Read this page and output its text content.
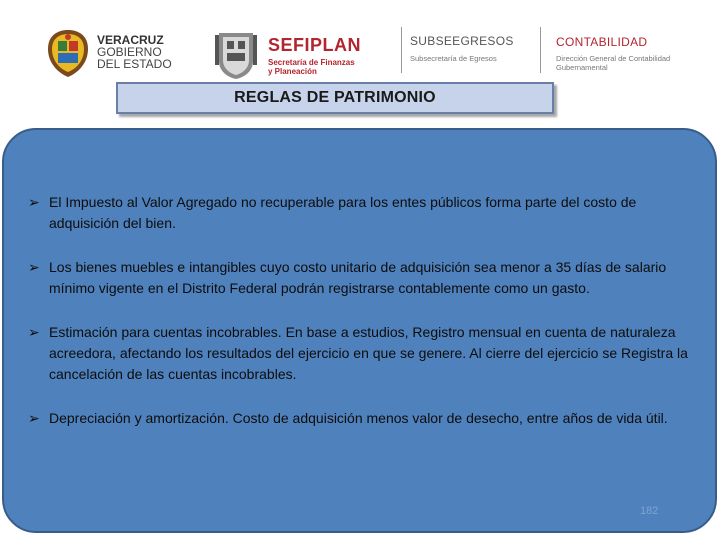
VERACRUZ
GOBIERNO
DEL ESTADO
SEFIPLAN
Secretaría de Finanzas
y Planeación
SUBSEEGRESOS
Subsecretaría de Egresos
CONTABILIDAD
Dirección General de Contabilidad
Gubernamental
REGLAS DE PATRIMONIO
➢ El Impuesto al Valor Agregado no recuperable para los entes públicos forma parte del costo de adquisición del bien.
➢ Los bienes muebles e intangibles cuyo costo unitario de adquisición sea menor a 35 días de salario mínimo vigente en el Distrito Federal podrán registrarse contablemente como un gasto.
➢ Estimación para cuentas incobrables. En base a estudios, Registro mensual en cuenta de naturaleza acreedora, afectando los resultados del ejercicio en que se genere. Al cierre del ejercicio se Registra la cancelación de las cuentas incobrables.
➢ Depreciación y amortización. Costo de adquisición menos valor de desecho, entre años de vida útil.
182
